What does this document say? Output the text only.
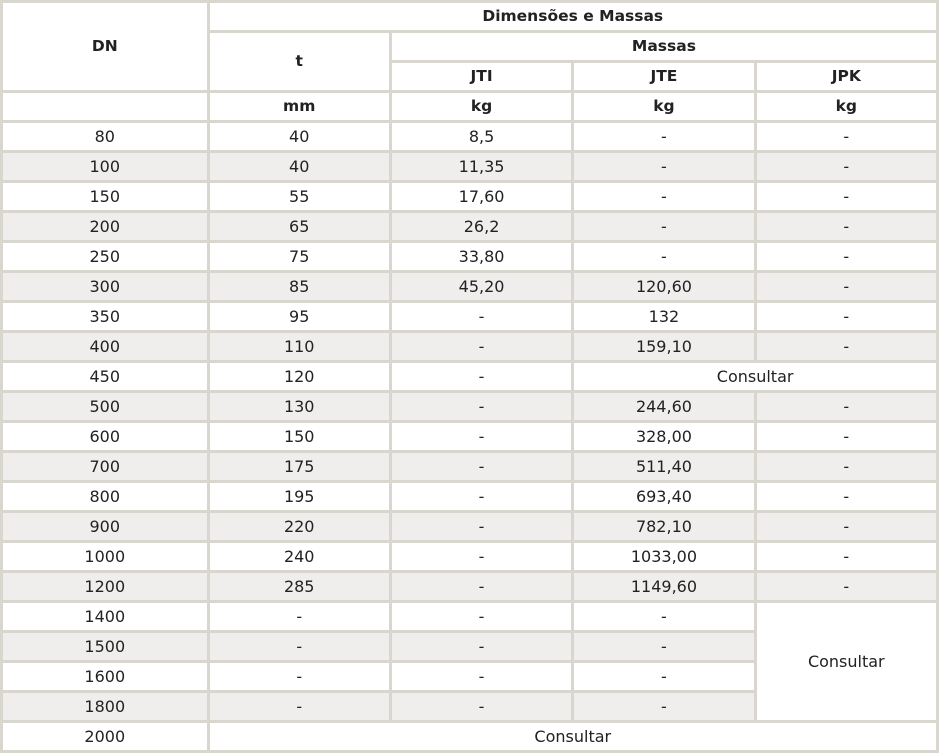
DN	Dimensões e Massas			
	t	Massas		
		JTI	JTE	JPK
	mm	kg	kg	kg
80	40	8,5	-	-
100	40	11,35	-	-
150	55	17,60	-	-
200	65	26,2	-	-
250	75	33,80	-	-
300	85	45,20	120,60	-
350	95	-	132	-
400	110	-	159,10	-
450	120	-	Consultar	
500	130	-	244,60	-
600	150	-	328,00	-
700	175	-	511,40	-
800	195	-	693,40	-
900	220	-	782,10	-
1000	240	-	1033,00	-
1200	285	-	1149,60	-
1400	-	-	-	Consultar
1500	-	-	-	
1600	-	-	-	
1800	-	-	-	
2000	Consultar			
